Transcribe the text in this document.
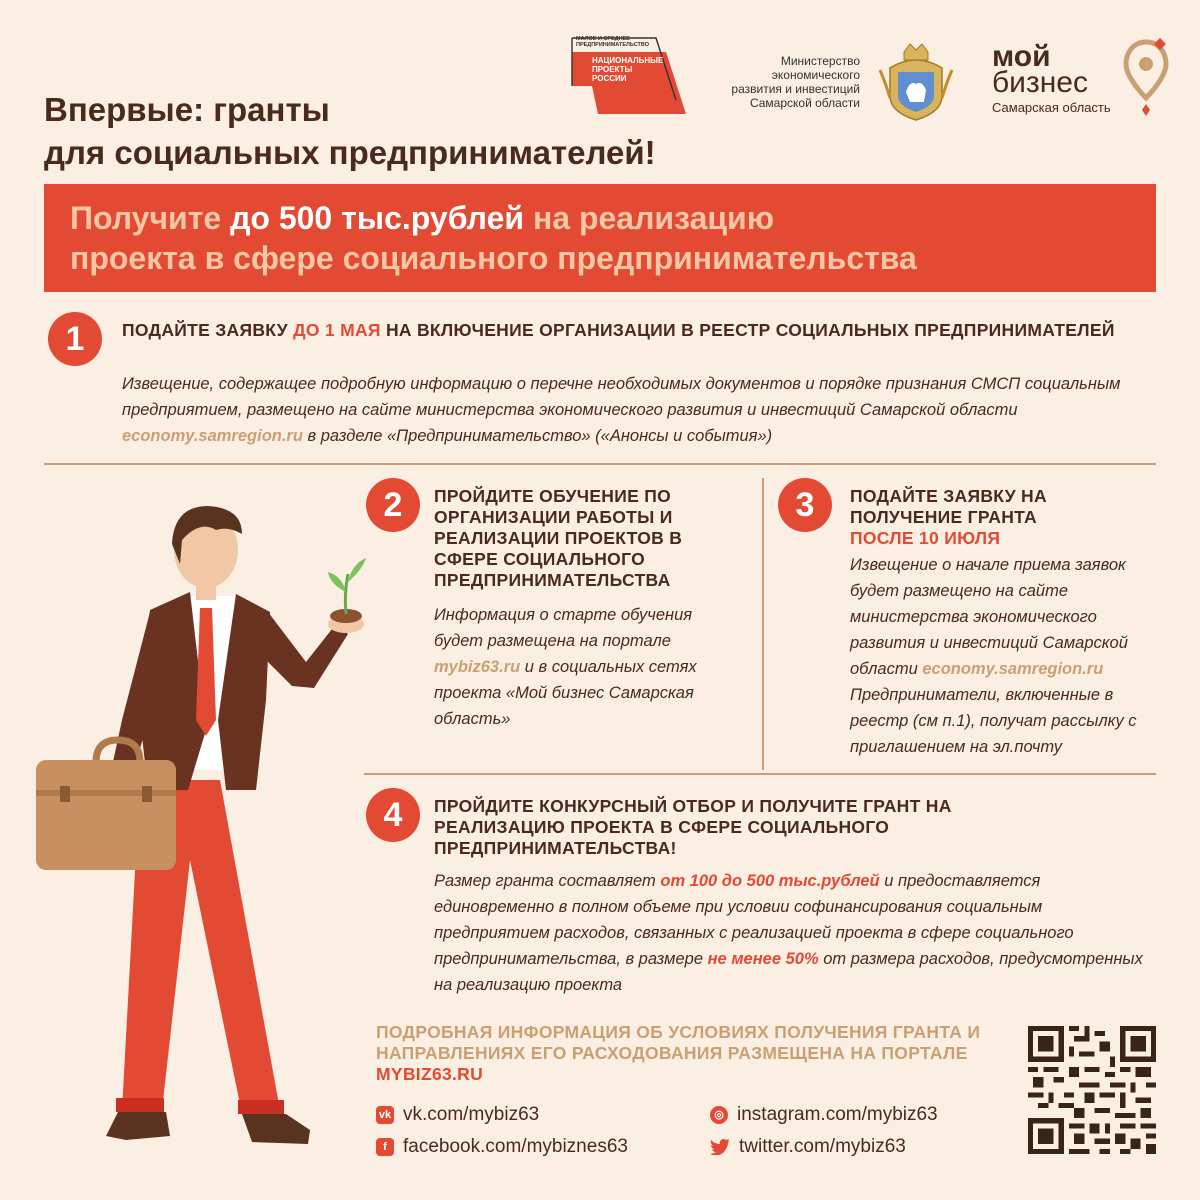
МАЛОЕ И СРЕДНЕЕ ПРЕДПРИНИМАТЕЛЬСТВО
НАЦИОНАЛЬНЫЕ ПРОЕКТЫ РОССИИ
Министерство
экономического
развития и инвестиций
Самарской области
мой
бизнес
Самарская область
Впервые: гранты
для социальных предпринимателей!
Получите до 500 тыс.рублей на реализацию
проекта в сфере социального предпринимательства
1	ПОДАЙТЕ ЗАЯВКУ ДО 1 МАЯ НА ВКЛЮЧЕНИЕ ОРГАНИЗАЦИИ В РЕЕСТР СОЦИАЛЬНЫХ ПРЕДПРИНИМАТЕЛЕЙ
Извещение, содержащее подробную информацию о перечне необходимых документов и порядке признания СМСП социальным предприятием, размещено на сайте министерства экономического развития и инвестиций Самарской области economy.samregion.ru в разделе «Предпринимательство» («Анонсы и события»)
2	ПРОЙДИТЕ ОБУЧЕНИЕ ПО ОРГАНИЗАЦИИ РАБОТЫ И РЕАЛИЗАЦИИ ПРОЕКТОВ В СФЕРЕ СОЦИАЛЬНОГО ПРЕДПРИНИМАТЕЛЬСТВА
Информация о старте обучения будет размещена на портале mybiz63.ru и в социальных сетях проекта «Мой бизнес Самарская область»
3	ПОДАЙТЕ ЗАЯВКУ НА ПОЛУЧЕНИЕ ГРАНТА
ПОСЛЕ 10 ИЮЛЯ
Извещение о начале приема заявок будет размещено на сайте министерства экономического развития и инвестиций Самарской области economy.samregion.ru
Предприниматели, включенные в реестр (см п.1), получат рассылку с приглашением на эл.почту
4	ПРОЙДИТЕ КОНКУРСНЫЙ ОТБОР И ПОЛУЧИТЕ ГРАНТ НА РЕАЛИЗАЦИЮ ПРОЕКТА В СФЕРЕ СОЦИАЛЬНОГО ПРЕДПРИНИМАТЕЛЬСТВА!
Размер гранта составляет от 100 до 500 тыс.рублей и предоставляется единовременно в полном объеме при условии софинансирования социальным предприятием расходов, связанных с реализацией проекта в сфере социального предпринимательства, в размере не менее 50% от размера расходов, предусмотренных на реализацию проекта
ПОДРОБНАЯ ИНФОРМАЦИЯ ОБ УСЛОВИЯХ ПОЛУЧЕНИЯ ГРАНТА И НАПРАВЛЕНИЯХ ЕГО РАСХОДОВАНИЯ РАЗМЕЩЕНА НА ПОРТАЛЕ MYBIZ63.RU
vk vk.com/mybiz63
f facebook.com/mybiznes63
◎ instagram.com/mybiz63
twitter.com/mybiz63
